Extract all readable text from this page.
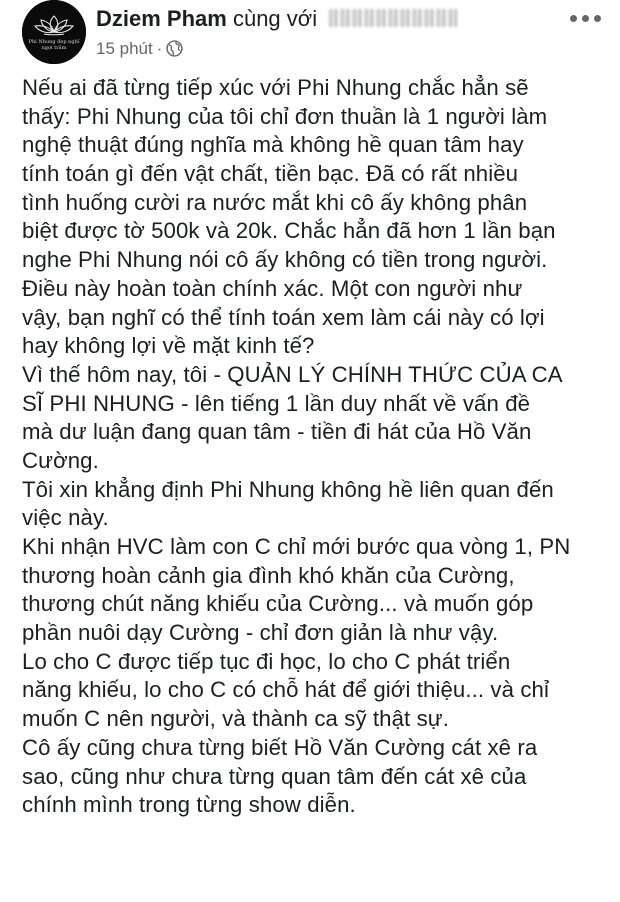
Phi Nhung đẹp nghĩ ngợi trầm
Dziem Pham cùng với
15 phút ·
Nếu ai đã từng tiếp xúc với Phi Nhung chắc hẳn sẽ
thấy: Phi Nhung của tôi chỉ đơn thuần là 1 người làm
nghệ thuật đúng nghĩa mà không hề quan tâm hay
tính toán gì đến vật chất, tiền bạc. Đã có rất nhiều
tình huống cười ra nước mắt khi cô ấy không phân
biệt được tờ 500k và 20k. Chắc hẳn đã hơn 1 lần bạn
nghe Phi Nhung nói cô ấy không có tiền trong người.
Điều này hoàn toàn chính xác. Một con người như
vậy, bạn nghĩ có thể tính toán xem làm cái này có lợi
hay không lợi về mặt kinh tế?
Vì thế hôm nay, tôi - QUẢN LÝ CHÍNH THỨC CỦA CA
SĨ PHI NHUNG - lên tiếng 1 lần duy nhất về vấn đề
mà dư luận đang quan tâm - tiền đi hát của Hồ Văn
Cường.
Tôi xin khẳng định Phi Nhung không hề liên quan đến
việc này.
Khi nhận HVC làm con C chỉ mới bước qua vòng 1, PN
thương hoàn cảnh gia đình khó khăn của Cường,
thương chút năng khiếu của Cường... và muốn góp
phần nuôi dạy Cường - chỉ đơn giản là như vậy.
Lo cho C được tiếp tục đi học, lo cho C phát triển
năng khiếu, lo cho C có chỗ hát để giới thiệu... và chỉ
muốn C nên người, và thành ca sỹ thật sự.
Cô ấy cũng chưa từng biết Hồ Văn Cường cát xê ra
sao, cũng như chưa từng quan tâm đến cát xê của
chính mình trong từng show diễn.
